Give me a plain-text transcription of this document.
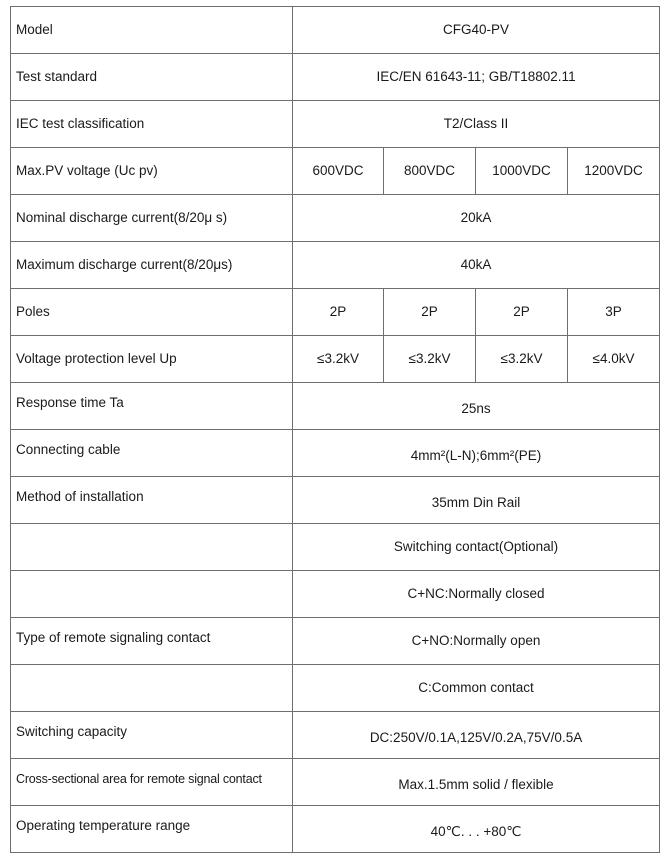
Model	CFG40-PV			
Test standard	IEC/EN 61643-11; GB/T18802.11			
IEC test classification	T2/Class II			
Max.PV voltage (Uc pv)	600VDC	800VDC	1000VDC	1200VDC
Nominal discharge current(8/20μ s)	20kA			
Maximum discharge current(8/20μs)	40kA			
Poles	2P	2P	2P	3P
Voltage protection level Up	≤3.2kV	≤3.2kV	≤3.2kV	≤4.0kV
Response time Ta	25ns			
Connecting cable	4mm²(L-N);6mm²(PE)			
Method of installation	35mm Din Rail			
	Switching contact(Optional)			
	C+NC:Normally closed			
Type of remote signaling contact	C+NO:Normally open			
	C:Common contact			
Switching capacity	DC:250V/0.1A,125V/0.2A,75V/0.5A			
Cross-sectional area for remote signal contact	Max.1.5mm solid / flexible			
Operating temperature range	40℃. . . +80℃			
